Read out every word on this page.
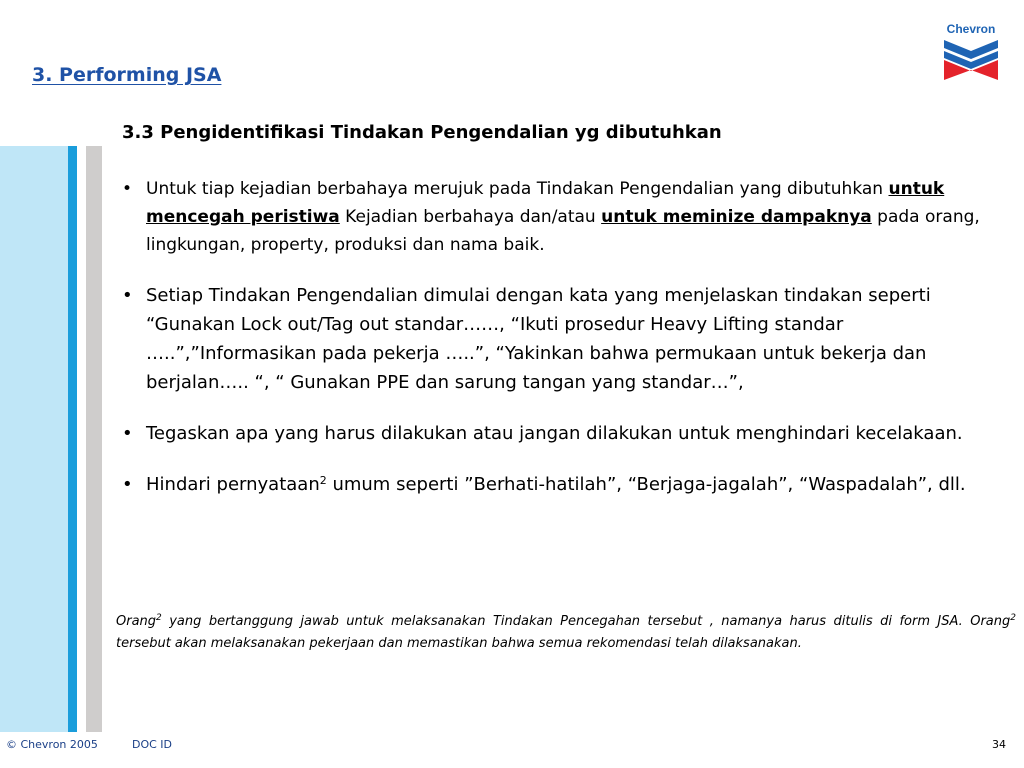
3. Performing JSA
Chevron
3.3 Pengidentifikasi Tindakan Pengendalian yg dibutuhkan
• Untuk tiap kejadian berbahaya merujuk pada Tindakan Pengendalian yang dibutuhkan untuk mencegah peristiwa Kejadian berbahaya dan/atau untuk meminize dampaknya pada orang, lingkungan, property, produksi dan nama baik.
• Setiap Tindakan Pengendalian dimulai dengan kata yang menjelaskan tindakan seperti “Gunakan Lock out/Tag out standar……, “Ikuti prosedur Heavy Lifting standar …..”,”Informasikan pada pekerja …..”, “Yakinkan bahwa permukaan untuk bekerja dan berjalan….. “, “ Gunakan PPE dan sarung tangan yang standar…”,
• Tegaskan apa yang harus dilakukan atau jangan dilakukan untuk menghindari kecelakaan.
• Hindari pernyataan$^2$ umum seperti ”Berhati-hatilah”, “Berjaga-jagalah”, “Waspadalah”, dll.
Orang$^2$ yang bertanggung jawab untuk melaksanakan Tindakan Pencegahan tersebut , namanya harus ditulis di form JSA. Orang$^2$ tersebut akan melaksanakan pekerjaan dan memastikan bahwa semua rekomendasi telah dilaksanakan.
© Chevron 2005	DOC ID	34
